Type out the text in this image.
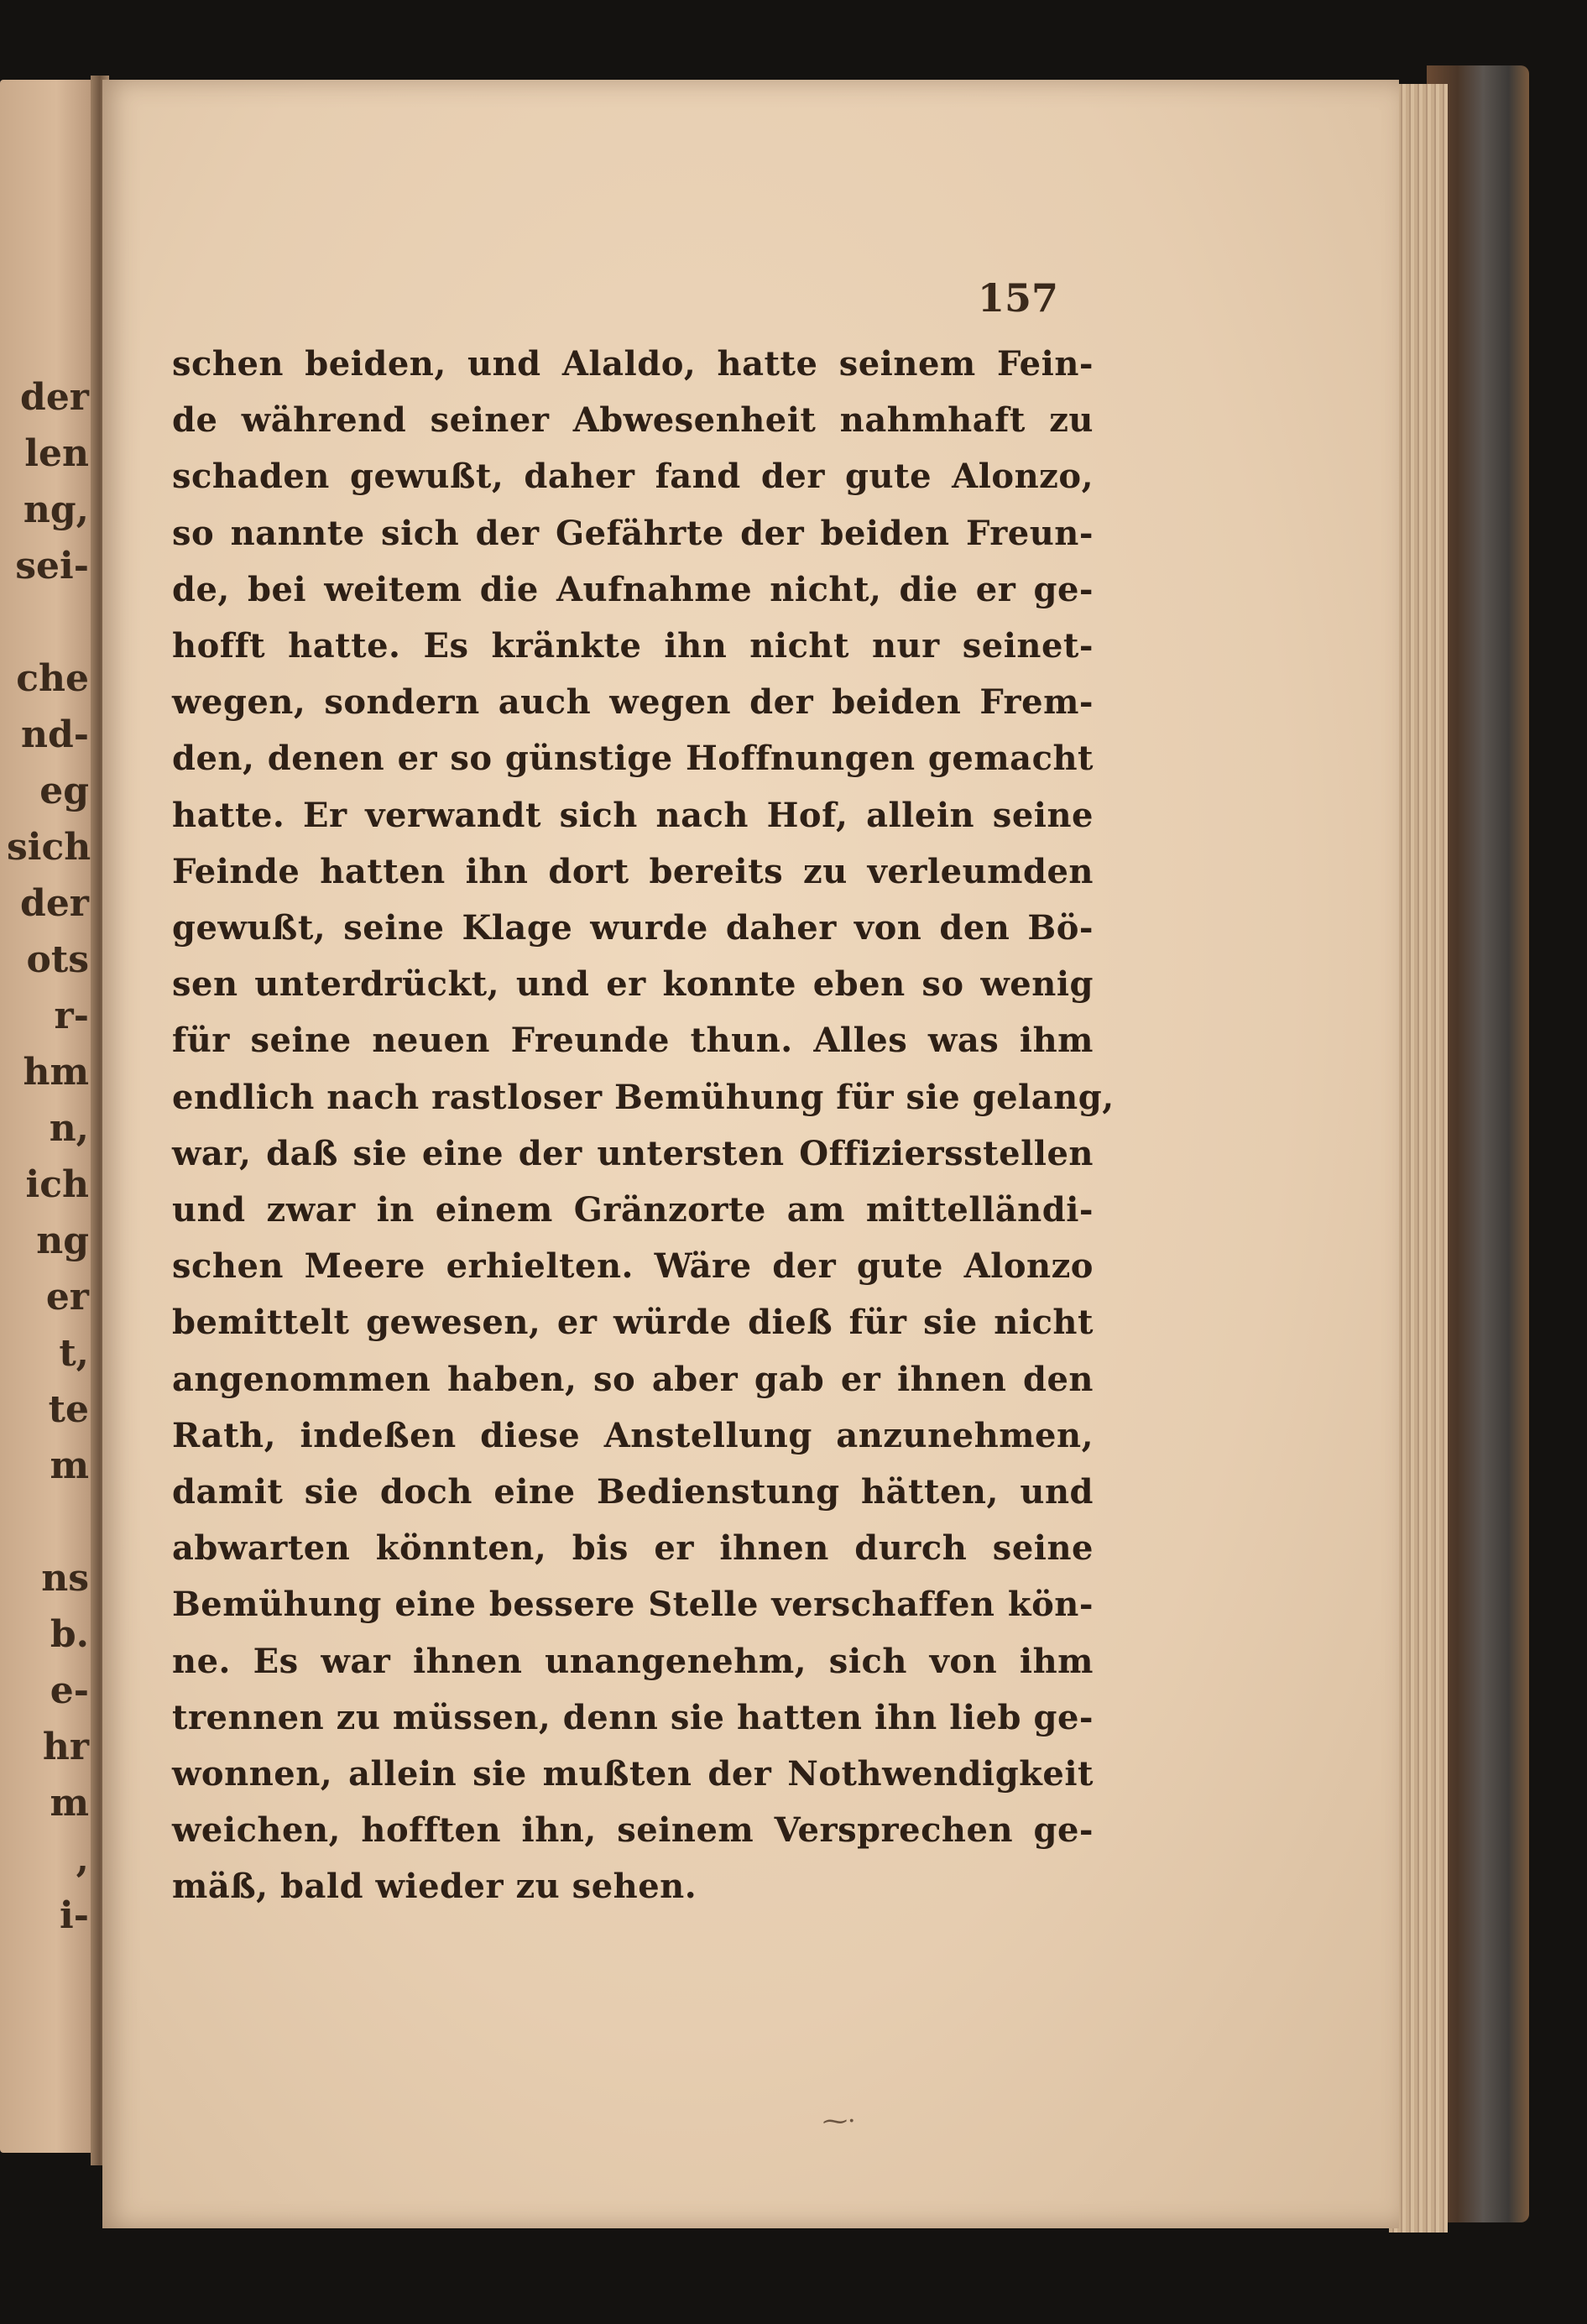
der
len
ng,
sei-

che
nd-
eg
sich
der
ots
r-
hm
n,
ich
ng
er
t,
te
m

ns
b.
e-
hr
m
,
i-
157
schen beiden, und Alaldo, hatte seinem Fein-
de während seiner Abwesenheit nahmhaft zu
schaden gewußt, daher fand der gute Alonzo,
so nannte sich der Gefährte der beiden Freun-
de, bei weitem die Aufnahme nicht, die er ge-
hofft hatte. Es kränkte ihn nicht nur seinet-
wegen, sondern auch wegen der beiden Frem-
den, denen er so günstige Hoffnungen gemacht
hatte. Er verwandt sich nach Hof, allein seine
Feinde hatten ihn dort bereits zu verleumden
gewußt, seine Klage wurde daher von den Bö-
sen unterdrückt, und er konnte eben so wenig
für seine neuen Freunde thun. Alles was ihm
endlich nach rastloser Bemühung für sie gelang,
war, daß sie eine der untersten Offiziersstellen
und zwar in einem Gränzorte am mittelländi-
schen Meere erhielten. Wäre der gute Alonzo
bemittelt gewesen, er würde dieß für sie nicht
angenommen haben, so aber gab er ihnen den
Rath, indeßen diese Anstellung anzunehmen,
damit sie doch eine Bedienstung hätten, und
abwarten könnten, bis er ihnen durch seine
Bemühung eine bessere Stelle verschaffen kön-
ne. Es war ihnen unangenehm, sich von ihm
trennen zu müssen, denn sie hatten ihn lieb ge-
wonnen, allein sie mußten der Nothwendigkeit
weichen, hofften ihn, seinem Versprechen ge-
mäß, bald wieder zu sehen.
⁓·
